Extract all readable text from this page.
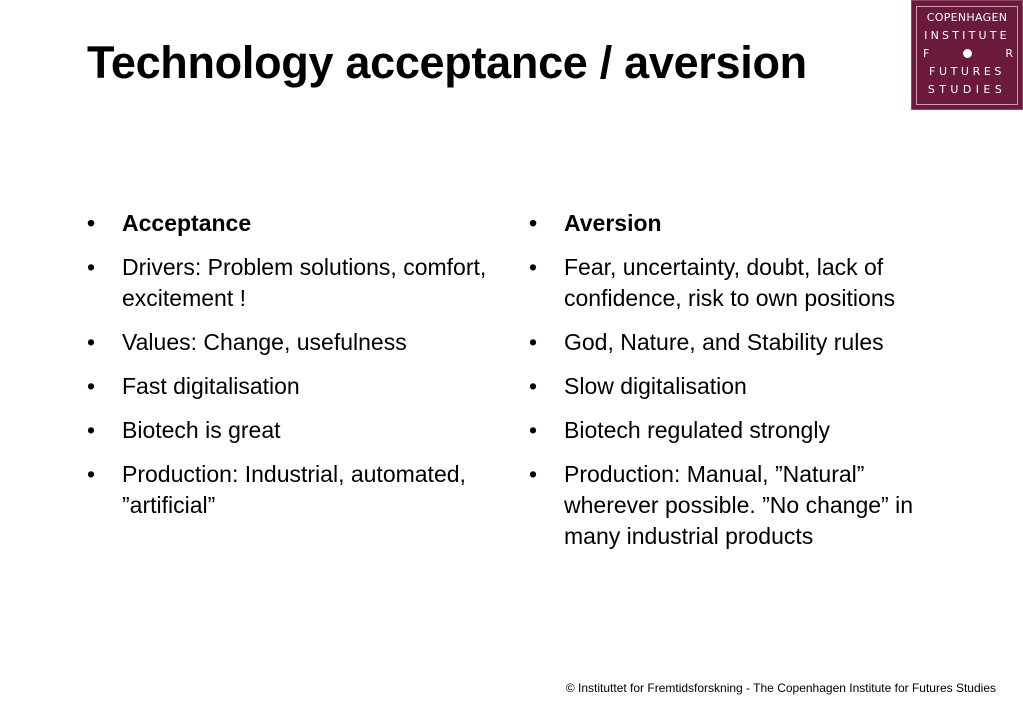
Technology acceptance / aversion
COPENHAGEN
INSTITUTE
F	R
FUTURES
STUDIES
• Acceptance
• Drivers: Problem solutions, comfort, excitement !
• Values: Change, usefulness
• Fast digitalisation
• Biotech is great
• Production: Industrial, automated, ”artificial”
• Aversion
• Fear, uncertainty, doubt, lack of confidence, risk to own positions
• God, Nature, and Stability rules
• Slow digitalisation
• Biotech regulated strongly
• Production: Manual, ”Natural” wherever possible. ”No change” in many industrial products
© Instituttet for Fremtidsforskning - The Copenhagen Institute for Futures Studies
